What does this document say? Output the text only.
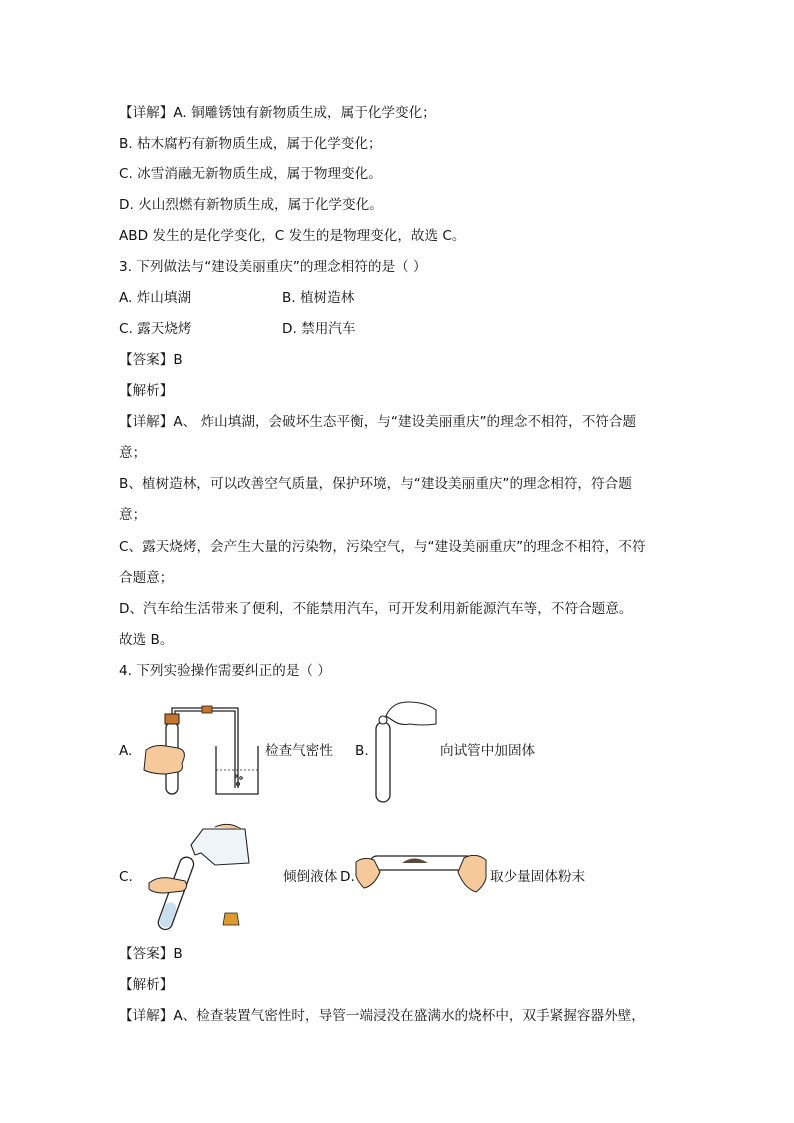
【详解】A. 铜雕锈蚀有新物质生成，属于化学变化；
B. 枯木腐朽有新物质生成，属于化学变化；
C. 冰雪消融无新物质生成，属于物理变化。
D. 火山烈燃有新物质生成，属于化学变化。
ABD 发生的是化学变化，C 发生的是物理变化，故选 C。
3. 下列做法与“建设美丽重庆”的理念相符的是（ ）
A. 炸山填湖	B. 植树造林
C. 露天烧烤	D. 禁用汽车
【答案】B
【解析】
【详解】A、 炸山填湖，会破坏生态平衡，与“建设美丽重庆”的理念不相符，不符合题
意；
B、植树造林，可以改善空气质量，保护环境，与“建设美丽重庆”的理念相符，符合题
意；
C、露天烧烤，会产生大量的污染物，污染空气，与“建设美丽重庆”的理念不相符，不符
合题意；
D、汽车给生活带来了便利，不能禁用汽车，可开发利用新能源汽车等，不符合题意。
故选 B。
4. 下列实验操作需要纠正的是（ ）
A.	检查气密性 B.	向试管中加固体
C.	倾倒液体 D.	取少量固体粉末
【答案】B
【解析】
【详解】A、检查装置气密性时，导管一端浸没在盛满水的烧杯中，双手紧握容器外壁，
